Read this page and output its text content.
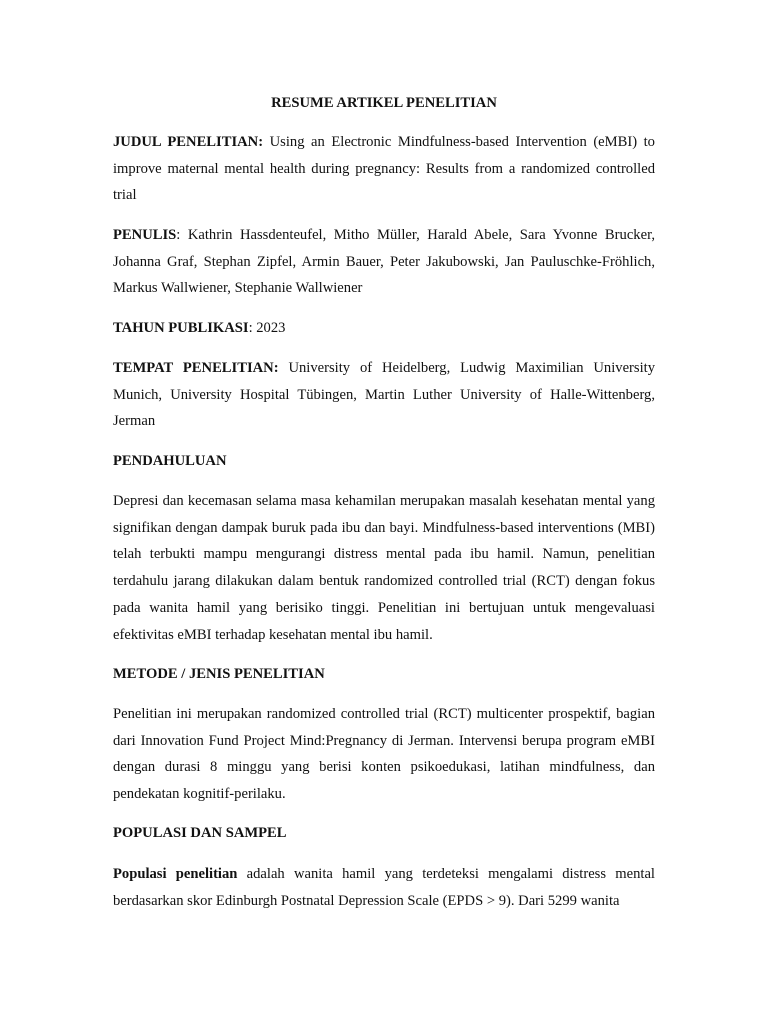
RESUME ARTIKEL PENELITIAN
JUDUL PENELITIAN: Using an Electronic Mindfulness-based Intervention (eMBI) to improve maternal mental health during pregnancy: Results from a randomized controlled trial
PENULIS: Kathrin Hassdenteufel, Mitho Müller, Harald Abele, Sara Yvonne Brucker, Johanna Graf, Stephan Zipfel, Armin Bauer, Peter Jakubowski, Jan Pauluschke-Fröhlich, Markus Wallwiener, Stephanie Wallwiener
TAHUN PUBLIKASI: 2023
TEMPAT PENELITIAN: University of Heidelberg, Ludwig Maximilian University Munich, University Hospital Tübingen, Martin Luther University of Halle-Wittenberg, Jerman
PENDAHULUAN
Depresi dan kecemasan selama masa kehamilan merupakan masalah kesehatan mental yang signifikan dengan dampak buruk pada ibu dan bayi. Mindfulness-based interventions (MBI) telah terbukti mampu mengurangi distress mental pada ibu hamil. Namun, penelitian terdahulu jarang dilakukan dalam bentuk randomized controlled trial (RCT) dengan fokus pada wanita hamil yang berisiko tinggi. Penelitian ini bertujuan untuk mengevaluasi efektivitas eMBI terhadap kesehatan mental ibu hamil.
METODE / JENIS PENELITIAN
Penelitian ini merupakan randomized controlled trial (RCT) multicenter prospektif, bagian dari Innovation Fund Project Mind:Pregnancy di Jerman. Intervensi berupa program eMBI dengan durasi 8 minggu yang berisi konten psikoedukasi, latihan mindfulness, dan pendekatan kognitif-perilaku.
POPULASI DAN SAMPEL
Populasi penelitian adalah wanita hamil yang terdeteksi mengalami distress mental berdasarkan skor Edinburgh Postnatal Depression Scale (EPDS > 9). Dari 5299 wanita
